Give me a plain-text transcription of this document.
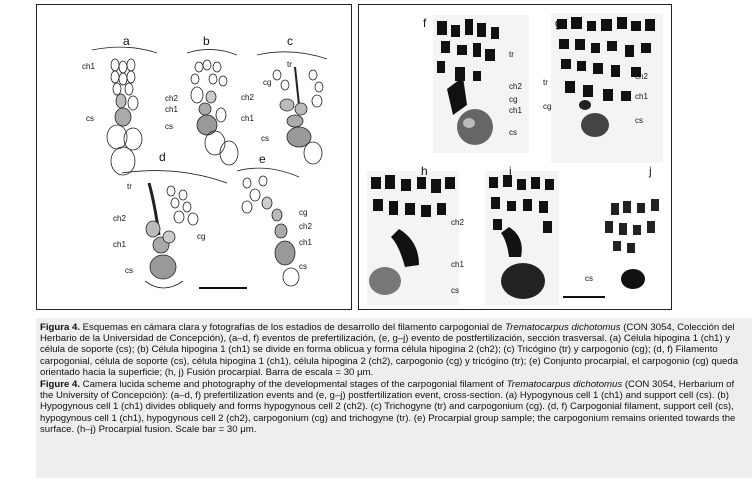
a
ch1
cs
b
ch2
ch1
cs
c
tr
cg
ch2
ch1
cs
d
tr
ch2
ch1
cg
cs
e
cg
ch2
ch1
cs
f
tr
ch2
cg
ch1
cs
g
ch2
tr
cg
ch1
cs
h	i
ch2
ch1
cs
j
cs

Figura 4. Esquemas en cámara clara y fotografías de los estadios de desarrollo del filamento carpogonial de Trematocarpus dichotomus (CON 3054, Colección del Herbario de la Universidad de Concepción), (a–d, f) eventos de prefertilización, (e, g–j) evento de postfertilización, sección trasversal. (a) Célula hipogina 1 (ch1) y célula de soporte (cs); (b) Célula hipogina 1 (ch1) se divide en forma oblicua y forma célula hipogina 2 (ch2); (c) Tricógino (tr) y carpogonio (cg); (d, f) Filamento carpogonial, célula de soporte (cs), célula hipogina 1 (ch1), célula hipogina 2 (ch2), carpogonio (cg) y tricógino (tr); (e) Conjunto procarpial, el carpogonio (cg) queda orientado hacia la superficie; (h, j) Fusión procarpial. Barra de escala = 30 μm.

Figure 4. Camera lucida scheme and photography of the developmental stages of the carpogonial filament of Trematocarpus dichotomus (CON 3054, Herbarium of the University of Concepción): (a–d, f) prefertilization events and (e, g–j) postfertilization event, cross-section. (a) Hypogynous cell 1 (ch1) and support cell (cs). (b) Hypogynous cell 1 (ch1) divides obliquely and forms hypogynous cell 2 (ch2). (c) Trichogyne (tr) and carpogonium (cg). (d, f) Carpogonial filament, support cell (cs), hypogynous cell 1 (ch1), hypogynous cell 2 (ch2), carpogonium (cg) and trichogyne (tr). (e) Procarpial group sample; the carpogonium remains oriented towards the surface. (h–j) Procarpial fusion. Scale bar = 30 μm.
